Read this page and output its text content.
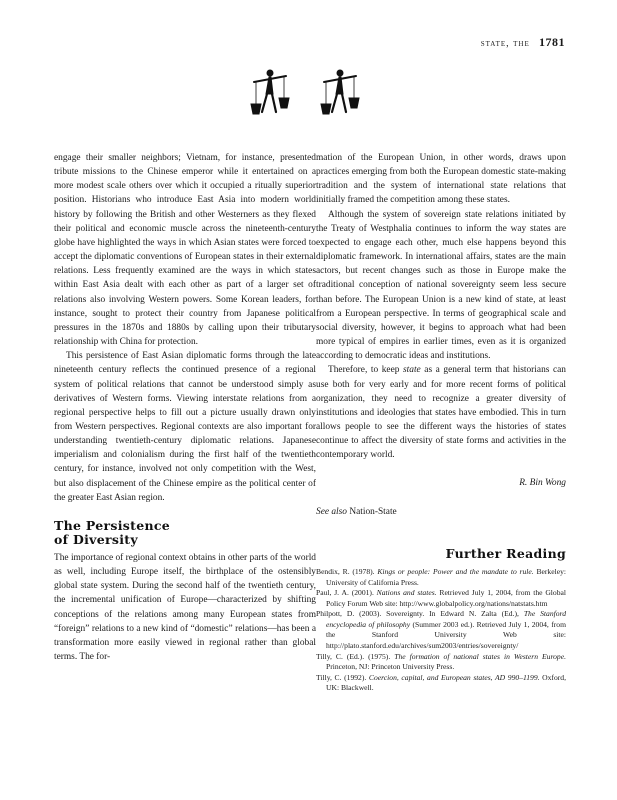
state, the 1781

engage their smaller neighbors; Vietnam, for instance, presented tribute missions to the Chinese emperor while it entertained on a more modest scale others over which it occupied a ritually superior position. Historians who introduce East Asia into modern world history by following the British and other Westerners as they flexed their political and economic muscle across the nineteenth-century globe have highlighted the ways in which Asian states were forced to accept the diplomatic conventions of European states in their external relations. Less frequently examined are the ways in which states within East Asia dealt with each other as part of a larger set of relations also involving Western powers. Some Korean leaders, for instance, sought to protect their country from Japanese political pressures in the 1870s and 1880s by calling upon their tributary relationship with China for protection.

This persistence of East Asian diplomatic forms through the late nineteenth century reflects the continued presence of a regional system of political relations that cannot be understood simply as derivatives of Western forms. Viewing interstate relations from a regional perspective helps to fill out a picture usually drawn only from Western perspectives. Regional contexts are also important for understanding twentieth-century diplomatic relations. Japanese imperialism and colonialism during the first half of the twentieth century, for instance, involved not only competition with the West, but also displacement of the Chinese empire as the political center of the greater East Asian region.

The Persistence
of Diversity

The importance of regional context obtains in other parts of the world as well, including Europe itself, the birthplace of the ostensibly global state system. During the second half of the twentieth century, the incremental unification of Europe—characterized by shifting conceptions of the relations among many European states from “foreign” relations to a new kind of “domestic” relations—has been a transformation more easily viewed in regional rather than global terms. The for-

mation of the European Union, in other words, draws upon practices emerging from both the European domestic state-making tradition and the system of international state relations that initially framed the competition among these states.

Although the system of sovereign state relations initiated by the Treaty of Westphalia continues to inform the way states are expected to engage each other, much else happens beyond this diplomatic framework. In international affairs, states are the main actors, but recent changes such as those in Europe make the traditional conception of national sovereignty seem less secure than before. The European Union is a new kind of state, at least from a European perspective. In terms of geographical scale and social diversity, however, it begins to approach what had been more typical of empires in earlier times, even as it is organized according to democratic ideas and institutions.

Therefore, to keep state as a general term that historians can use both for very early and for more recent forms of political organization, they need to recognize a greater diversity of institutions and ideologies that states have embodied. This in turn allows people to see the different ways the histories of states continue to affect the diversity of state forms and activities in the contemporary world.

R. Bin Wong
See also Nation-State
Further Reading

Bendix, R. (1978). Kings or people: Power and the mandate to rule. Berkeley: University of California Press.

Paul, J. A. (2001). Nations and states. Retrieved July 1, 2004, from the Global Policy Forum Web site: http://www.globalpolicy.org/nations/natstats.htm

Philpott, D. (2003). Sovereignty. In Edward N. Zalta (Ed.), The Stanford encyclopedia of philosophy (Summer 2003 ed.). Retrieved July 1, 2004, from the Stanford University Web site: http://plato.stanford.edu/archives/sum2003/entries/sovereignty/

Tilly, C. (Ed.). (1975). The formation of national states in Western Europe. Princeton, NJ: Princeton University Press.

Tilly, C. (1992). Coercion, capital, and European states, AD 990–1199. Oxford, UK: Blackwell.
